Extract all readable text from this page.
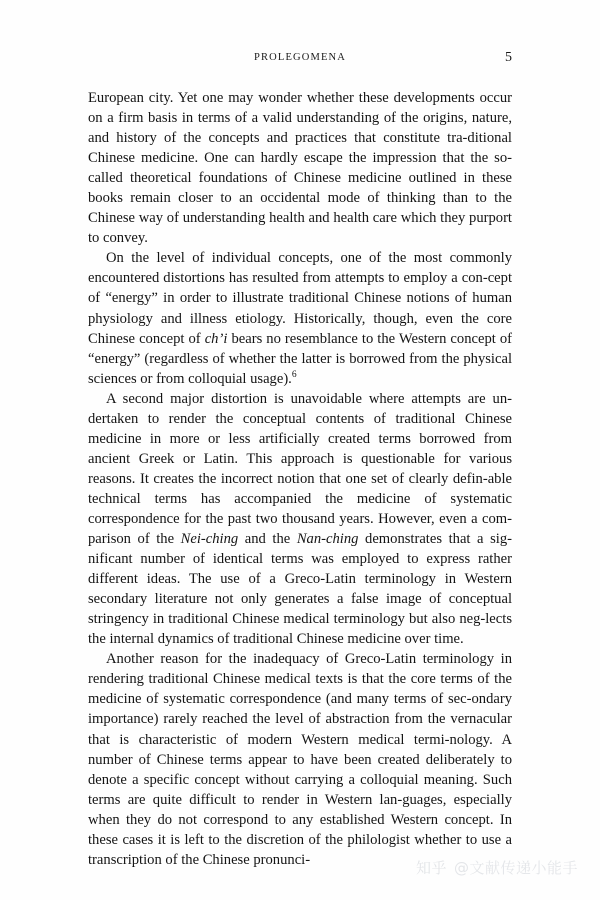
PROLEGOMENA	5

European city. Yet one may wonder whether these developments occur on a firm basis in terms of a valid understanding of the origins, nature, and history of the concepts and practices that constitute tra-ditional Chinese medicine. One can hardly escape the impression that the so-called theoretical foundations of Chinese medicine outlined in these books remain closer to an occidental mode of thinking than to the Chinese way of understanding health and health care which they purport to convey.

On the level of individual concepts, one of the most commonly encountered distortions has resulted from attempts to employ a con-cept of “energy” in order to illustrate traditional Chinese notions of human physiology and illness etiology. Historically, though, even the core Chinese concept of ch’i bears no resemblance to the Western concept of “energy” (regardless of whether the latter is borrowed from the physical sciences or from colloquial usage).$^6$

A second major distortion is unavoidable where attempts are un-dertaken to render the conceptual contents of traditional Chinese medicine in more or less artificially created terms borrowed from ancient Greek or Latin. This approach is questionable for various reasons. It creates the incorrect notion that one set of clearly defin-able technical terms has accompanied the medicine of systematic correspondence for the past two thousand years. However, even a com-parison of the Nei-ching and the Nan-ching demonstrates that a sig-nificant number of identical terms was employed to express rather different ideas. The use of a Greco-Latin terminology in Western secondary literature not only generates a false image of conceptual stringency in traditional Chinese medical terminology but also neg-lects the internal dynamics of traditional Chinese medicine over time.

Another reason for the inadequacy of Greco-Latin terminology in rendering traditional Chinese medical texts is that the core terms of the medicine of systematic correspondence (and many terms of sec-ondary importance) rarely reached the level of abstraction from the vernacular that is characteristic of modern Western medical termi-nology. A number of Chinese terms appear to have been created deliberately to denote a specific concept without carrying a colloquial meaning. Such terms are quite difficult to render in Western lan-guages, especially when they do not correspond to any established Western concept. In these cases it is left to the discretion of the philologist whether to use a transcription of the Chinese pronunci-	知乎 @文献传递小能手
